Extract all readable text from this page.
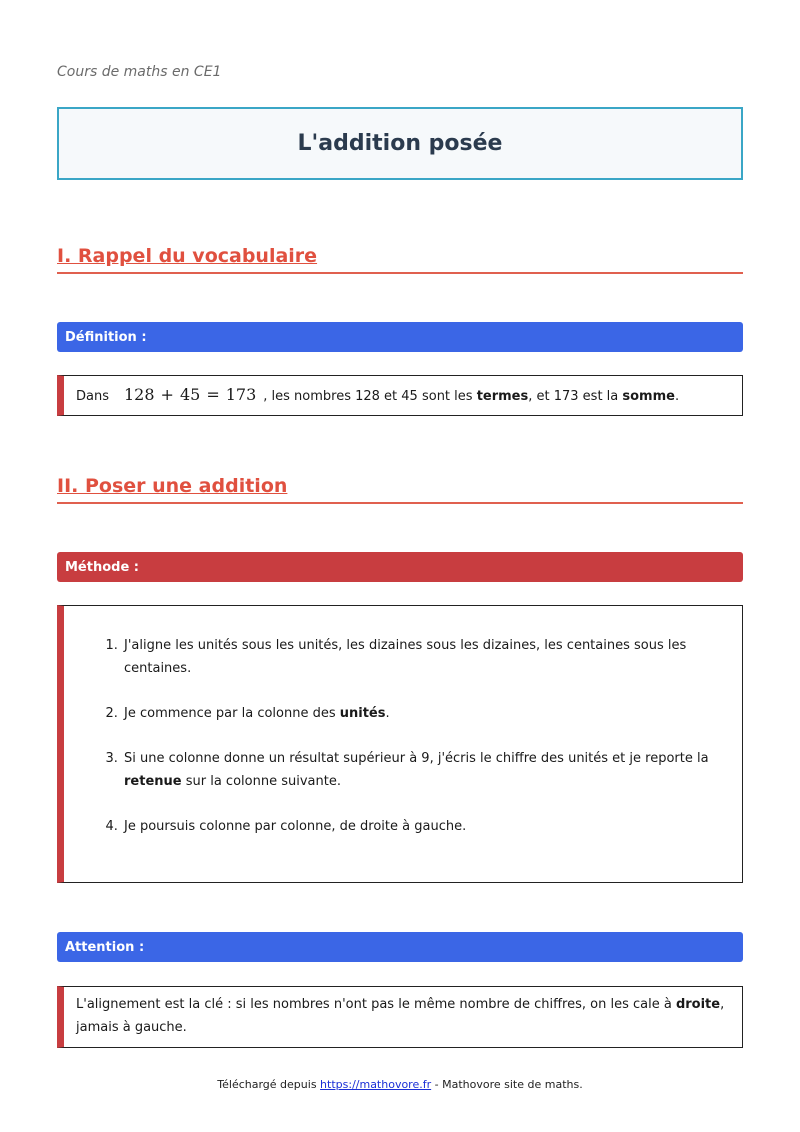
Cours de maths en CE1
L'addition posée
I. Rappel du vocabulaire
Définition :
Dans 128 + 45 = 173 , les nombres 128 et 45 sont les termes, et 173 est la somme.
II. Poser une addition
Méthode :
1. J'aligne les unités sous les unités, les dizaines sous les dizaines, les centaines sous les centaines.
2. Je commence par la colonne des unités.
3. Si une colonne donne un résultat supérieur à 9, j'écris le chiffre des unités et je reporte la retenue sur la colonne suivante.
4. Je poursuis colonne par colonne, de droite à gauche.
Attention :
L'alignement est la clé : si les nombres n'ont pas le même nombre de chiffres, on les cale à droite, jamais à gauche.
Téléchargé depuis https://mathovore.fr - Mathovore site de maths.
